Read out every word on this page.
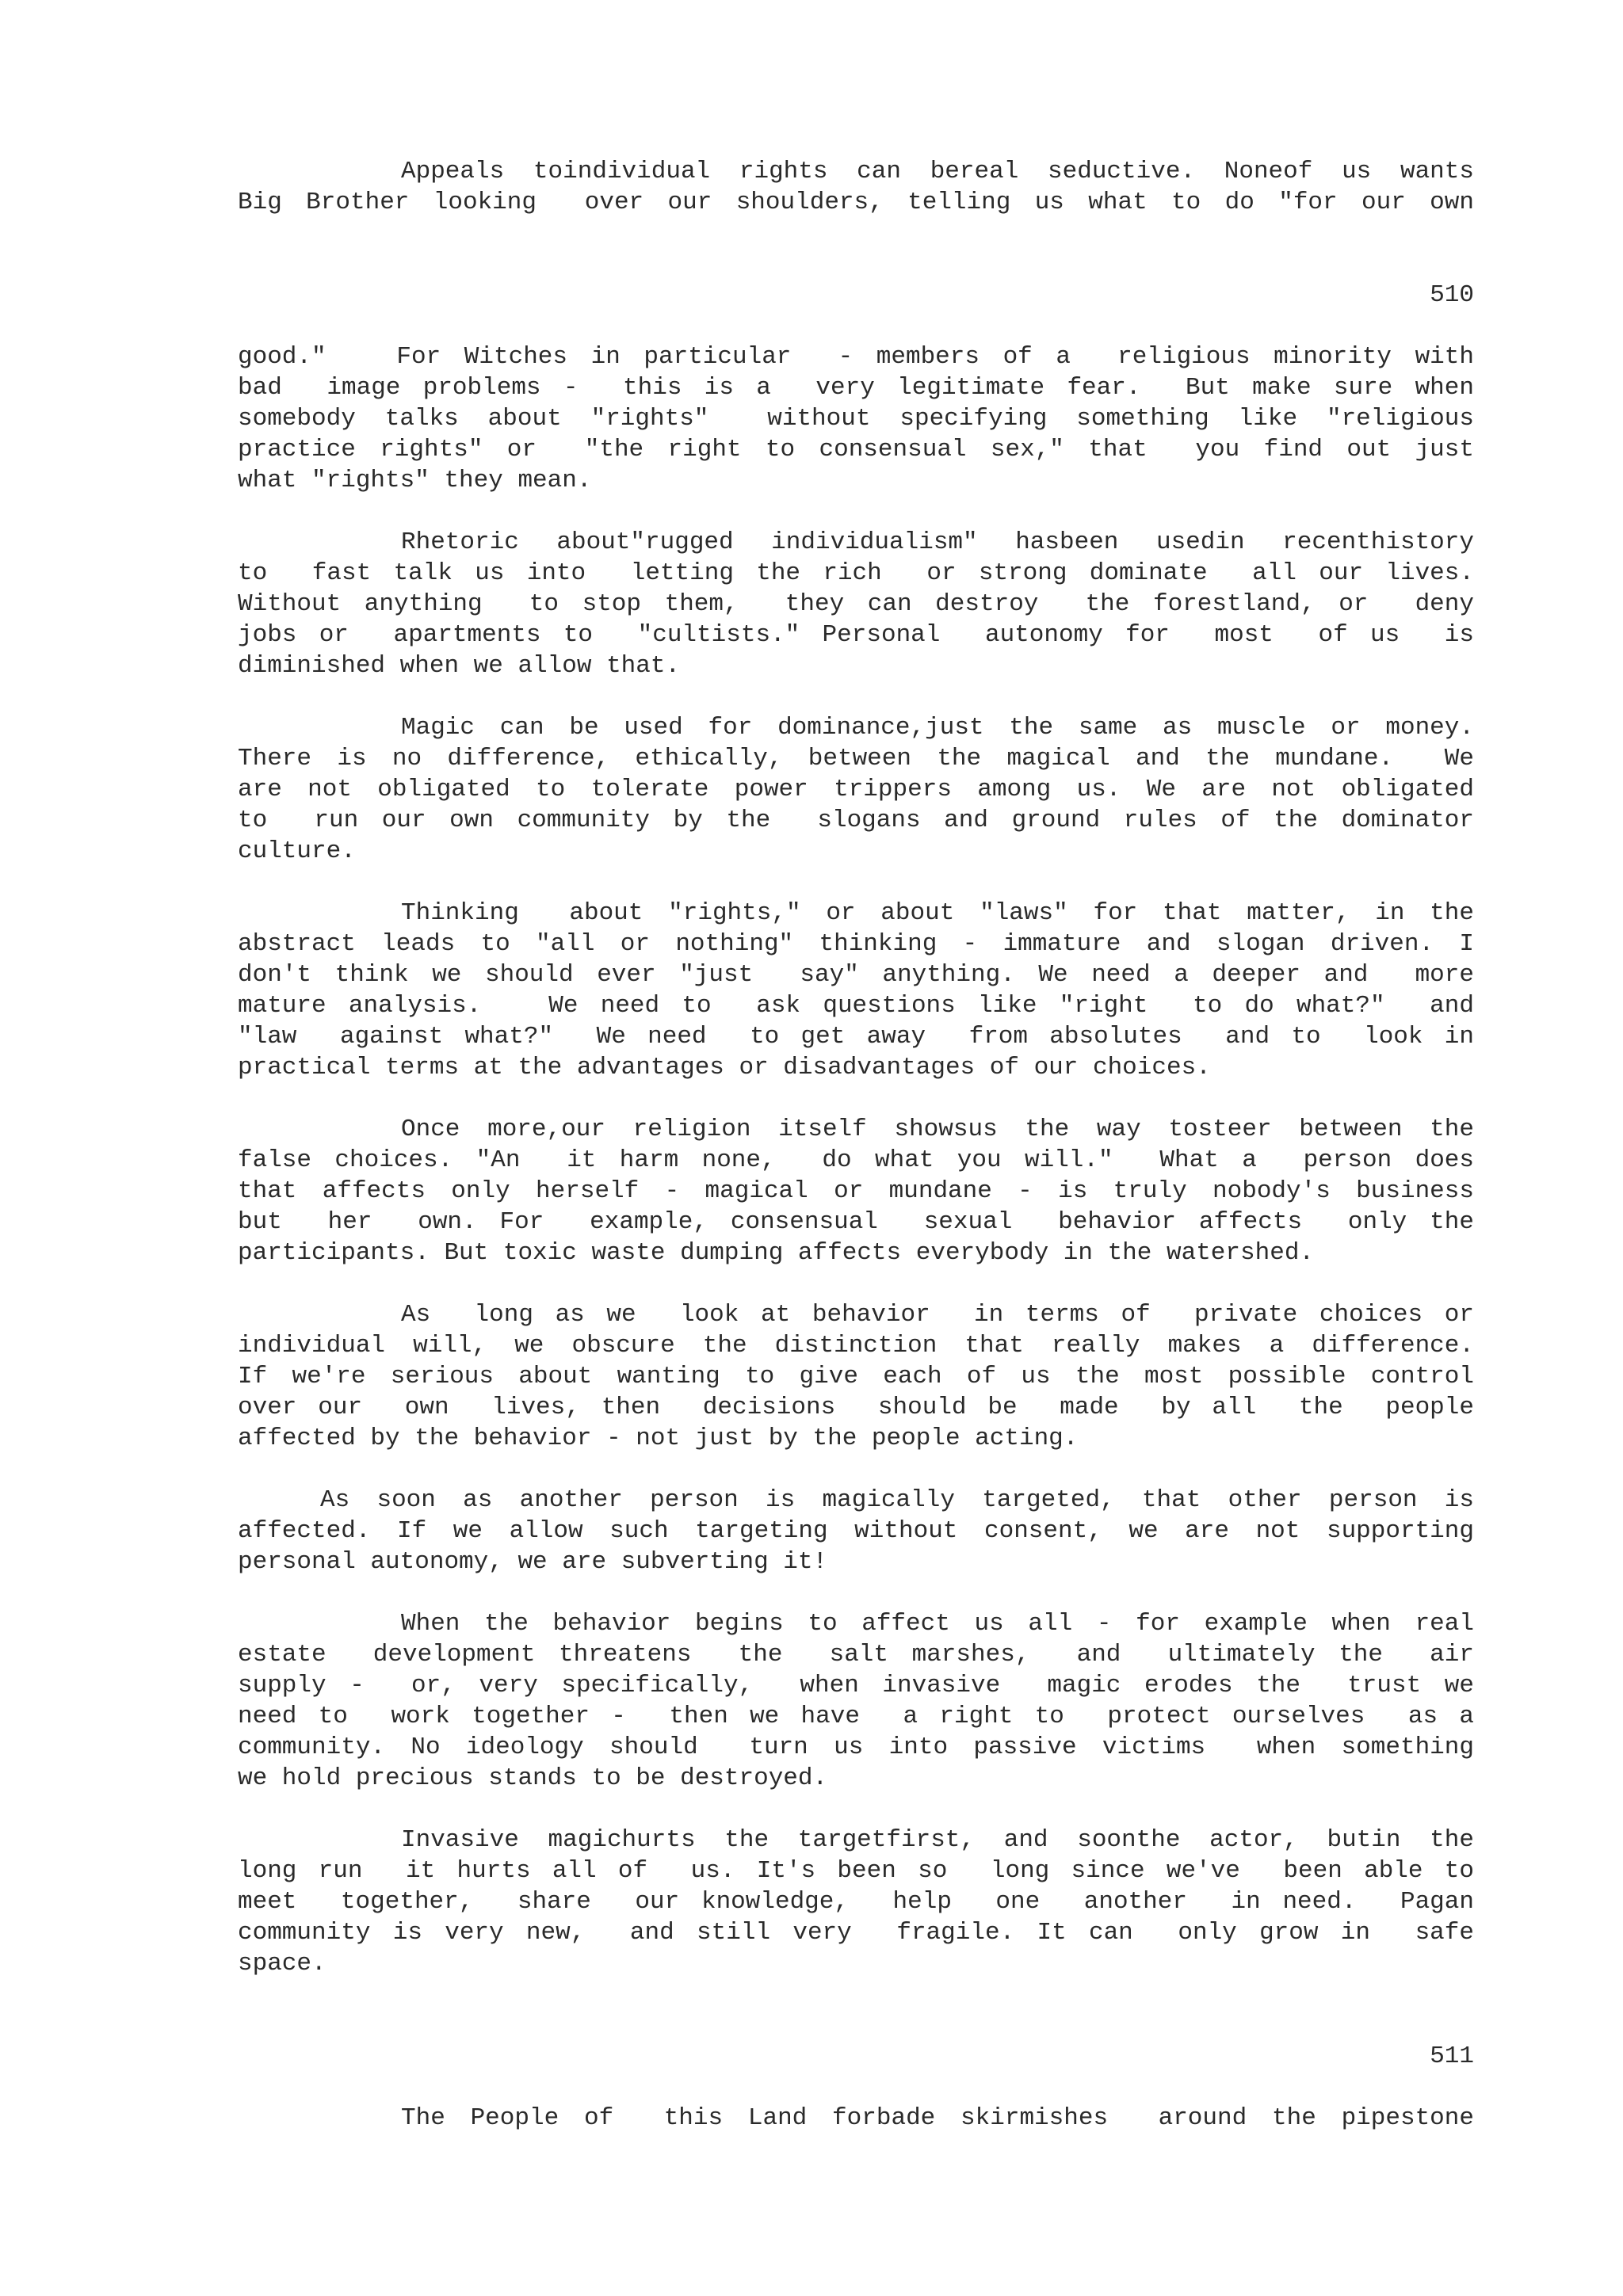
Appeals toindividual rights can bereal seductive. Noneof us wants
Big Brother looking  over our shoulders, telling us what to do "for our own
510
good."   For Witches in particular  - members of a  religious minority with
bad  image problems -  this is a  very legitimate fear.  But make sure when
somebody talks about "rights"  without specifying something like "religious
practice rights" or  "the right to consensual sex," that  you find out just
what "rights" they mean.
Rhetoric about"rugged individualism" hasbeen usedin recenthistory
to  fast talk us into  letting the rich  or strong dominate  all our lives.
Without anything  to stop them,  they can destroy  the forestland, or  deny
jobs or  apartments to  "cultists." Personal  autonomy for  most  of us  is
diminished when we allow that.
Magic can be used for dominance,just the same as muscle or money.
There is no difference, ethically, between the magical and the mundane.  We
are not obligated to tolerate power trippers among us. We are not obligated
to  run our own community by the  slogans and ground rules of the dominator
culture.
Thinking  about "rights," or about "laws" for that matter, in the
abstract leads to "all or nothing" thinking - immature and slogan driven. I
don't think we should ever "just  say" anything. We need a deeper and  more
mature analysis.   We need to  ask questions like "right  to do what?"  and
"law  against what?"  We need  to get away  from absolutes  and to  look in
practical terms at the advantages or disadvantages of our choices.
Once more,our religion itself showsus the way tosteer between the
false choices. "An  it harm none,  do what you will."  What a  person does
that affects only herself - magical or mundane - is truly nobody's business
but  her  own. For  example, consensual  sexual  behavior affects  only the
participants. But toxic waste dumping affects everybody in the watershed.
As  long as we  look at behavior  in terms of  private choices or
individual will, we obscure the distinction that really makes a difference.
If we're serious about wanting to give each of us the most possible control
over our  own  lives, then  decisions  should be  made  by all  the  people
affected by the behavior - not just by the people acting.
As soon as another person is magically targeted, that other person is
affected. If we allow such targeting without consent, we are not supporting
personal autonomy, we are subverting it!
When the behavior begins to affect us all - for example when real
estate  development threatens  the  salt marshes,  and  ultimately the  air
supply -  or, very specifically,  when invasive  magic erodes the  trust we
need to  work together -  then we have  a right to  protect ourselves  as a
community. No ideology should  turn us into passive victims  when something
we hold precious stands to be destroyed.
Invasive magichurts the targetfirst, and soonthe actor, butin the
long run  it hurts all of  us. It's been so  long since we've  been able to
meet  together,  share  our knowledge,  help  one  another  in need.  Pagan
community is very new,  and still very  fragile. It can  only grow in  safe
space.
511
The People of  this Land forbade skirmishes  around the pipestone
